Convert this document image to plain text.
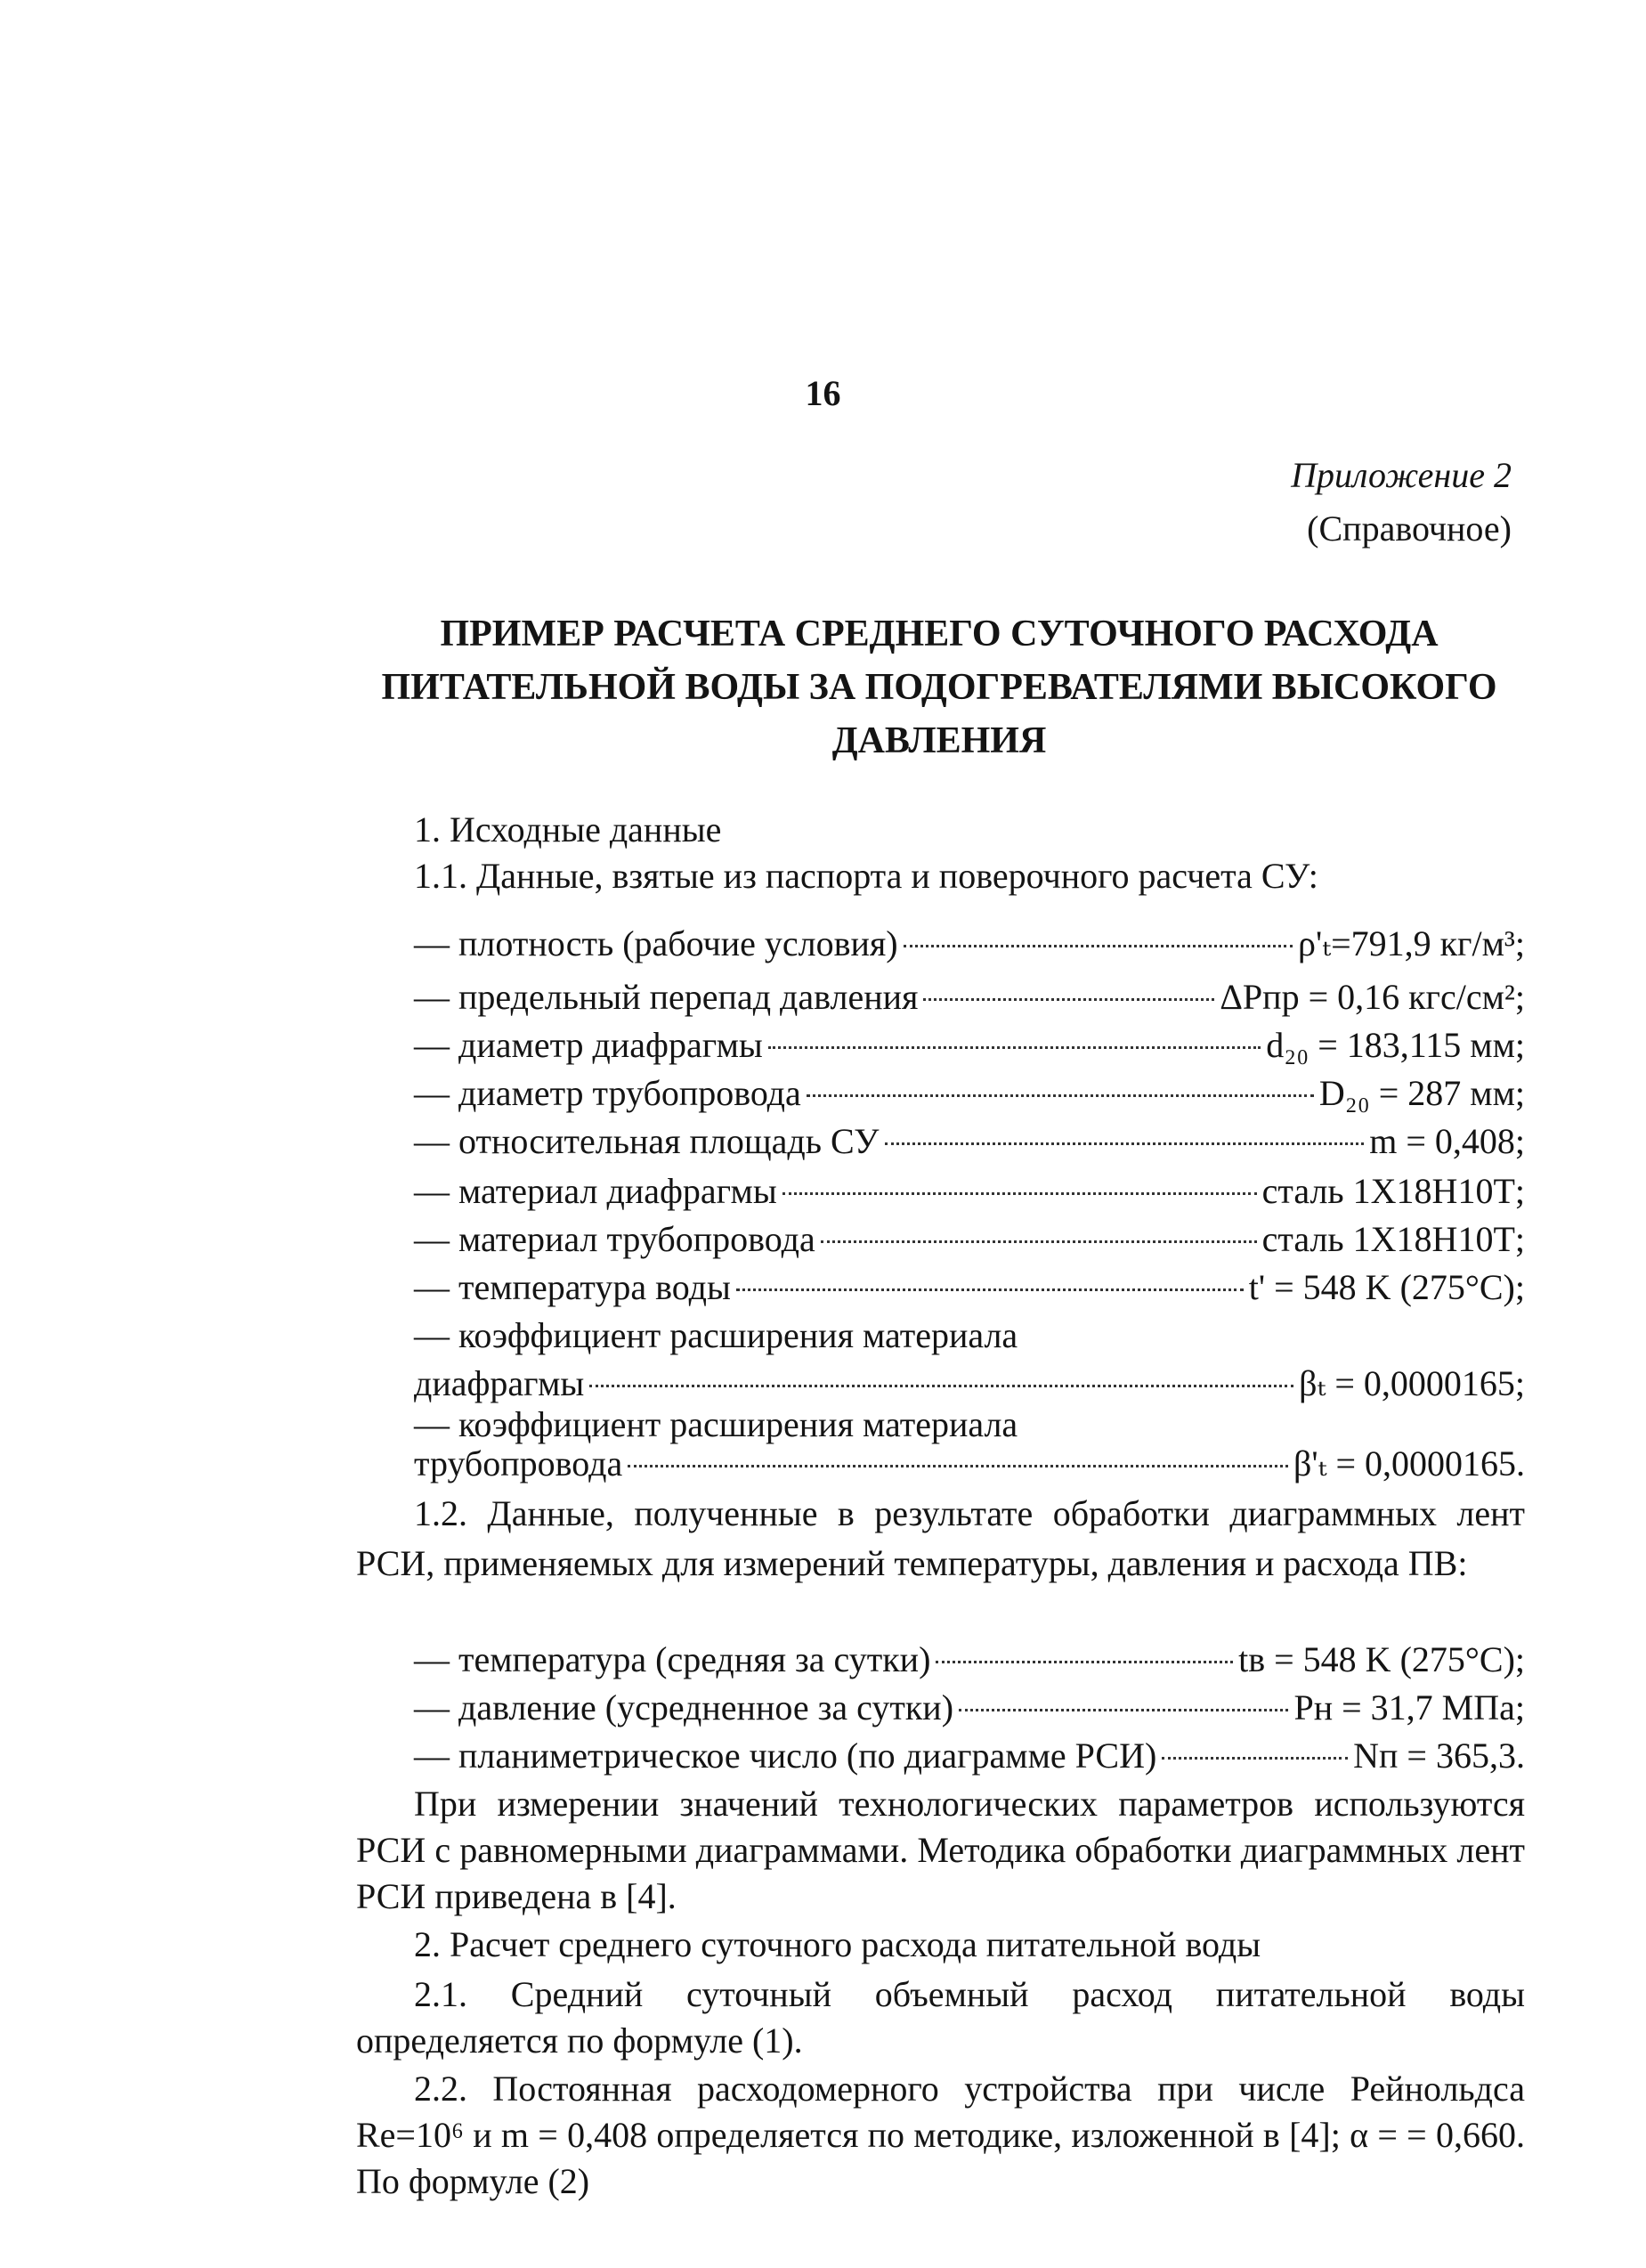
16
Приложение 2
(Справочное)
ПРИМЕР РАСЧЕТА СРЕДНЕГО СУТОЧНОГО РАСХОДА
ПИТАТЕЛЬНОЙ ВОДЫ ЗА ПОДОГРЕВАТЕЛЯМИ ВЫСОКОГО
ДАВЛЕНИЯ
1. Исходные данные
1.1. Данные, взятые из паспорта и поверочного расчета СУ:
— плотность (рабочие условия)	ρ'ₜ=791,9 кг/м³;
— предельный перепад давления	ΔPпр = 0,16 кгс/см²;
— диаметр диафрагмы	d₂₀ = 183,115 мм;
— диаметр трубопровода	D₂₀ = 287 мм;
— относительная площадь СУ	m = 0,408;
— материал диафрагмы	сталь 1Х18Н10Т;
— материал трубопровода	сталь 1Х18Н10Т;
— температура воды	t' = 548 K (275°C);
— коэффициент расширения материала
диафрагмы	βₜ = 0,0000165;
— коэффициент расширения материала
трубопровода	β'ₜ = 0,0000165.
1.2. Данные, полученные в результате обработки диаграммных лент РСИ, применяемых для измерений температуры, давления и расхода ПВ:
— температура (средняя за сутки)	tв = 548 K (275°C);
— давление (усредненное за сутки)	Pн = 31,7 МПа;
— планиметрическое число (по диаграмме РСИ)	Nп = 365,3.
При измерении значений технологических параметров используются РСИ с равномерными диаграммами. Методика обработки диаграммных лент РСИ приведена в [4].
2. Расчет среднего суточного расхода питательной воды
2.1. Средний суточный объемный расход питательной воды определяется по формуле (1).
2.2. Постоянная расходомерного устройства при числе Рейнольдса Re=10⁶ и m = 0,408 определяется по методике, изложенной в [4]; α = = 0,660. По формуле (2)
